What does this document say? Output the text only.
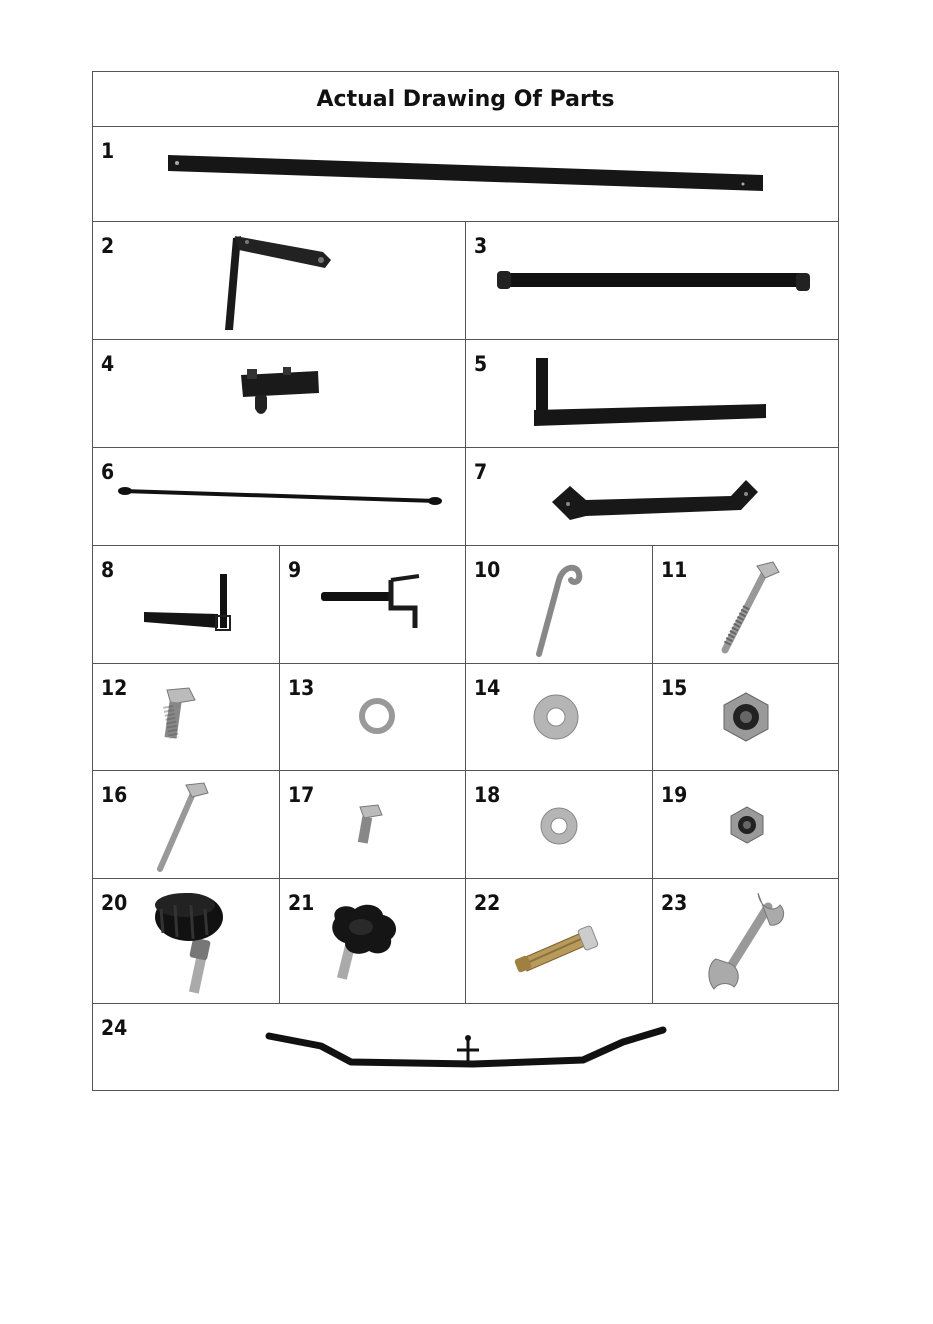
Actual Drawing Of Parts
1
2	3
4	5
6	7
8	9	10	11
12	13	14	15
16	17	18	19
20	21	22	23
24
